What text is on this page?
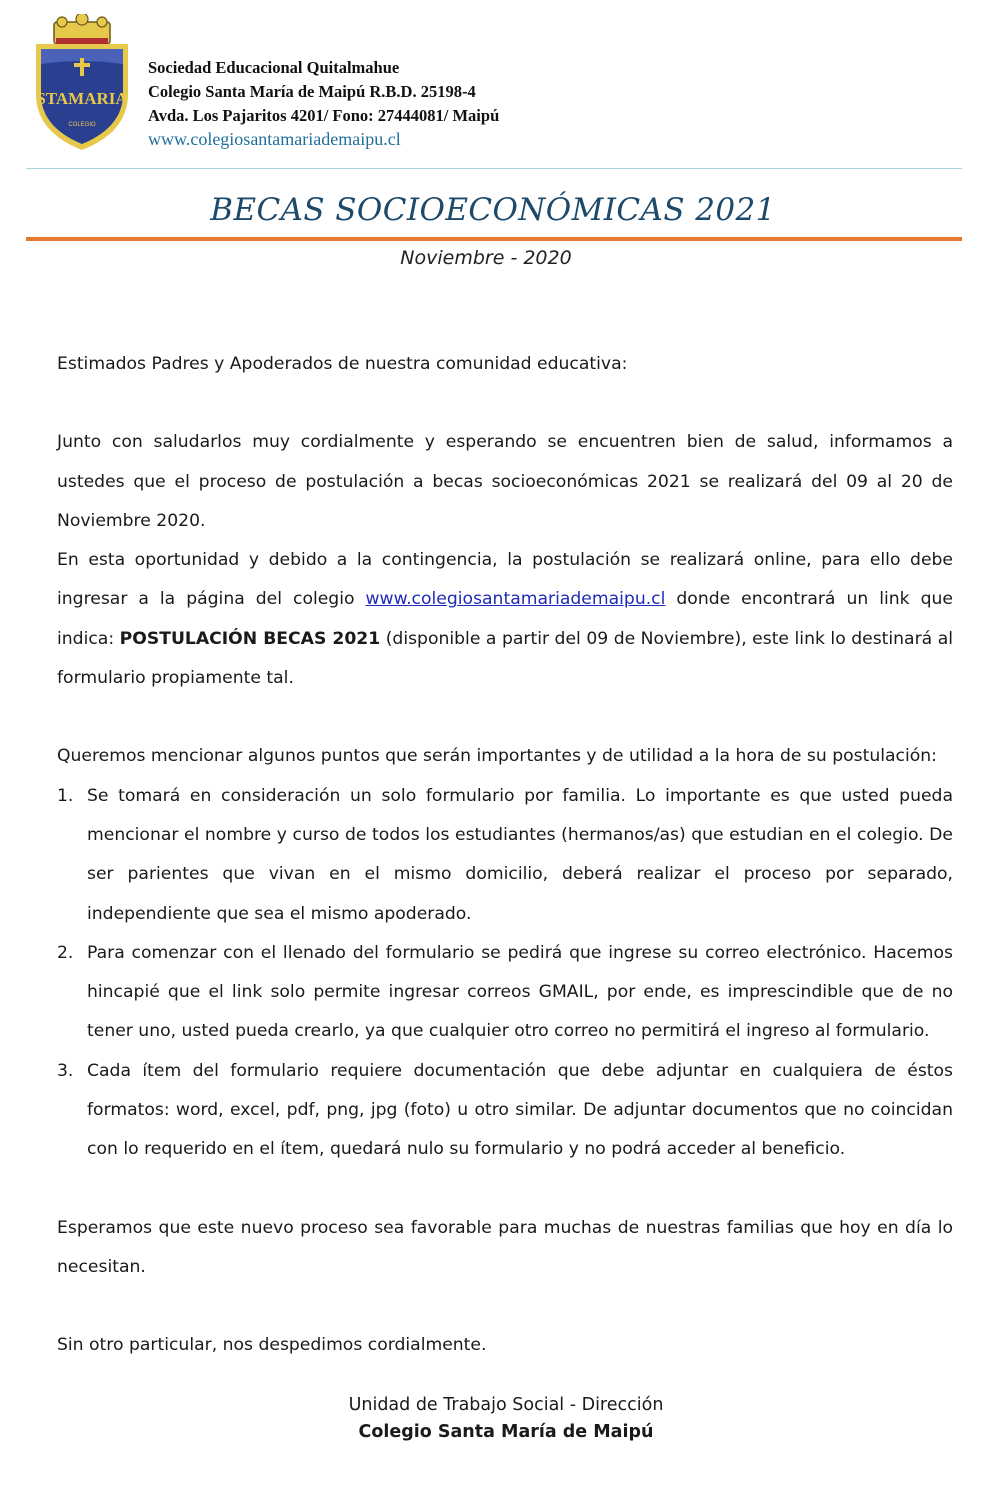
STAMARIA
COLEGIO
Sociedad Educacional Quitalmahue
Colegio Santa María de Maipú R.B.D. 25198-4
Avda. Los Pajaritos 4201/ Fono: 27444081/ Maipú
www.colegiosantamariademaipu.cl
BECAS SOCIOECONÓMICAS 2021
Noviembre - 2020

Estimados Padres y Apoderados de nuestra comunidad educativa:

Junto con saludarlos muy cordialmente y esperando se encuentren bien de salud, informamos a ustedes que el proceso de postulación a becas socioeconómicas 2021 se realizará del 09 al 20 de Noviembre 2020.

En esta oportunidad y debido a la contingencia, la postulación se realizará online, para ello debe ingresar a la página del colegio www.colegiosantamariademaipu.cl donde encontrará un link que indica: POSTULACIÓN BECAS 2021 (disponible a partir del 09 de Noviembre), este link lo destinará al formulario propiamente tal.

Queremos mencionar algunos puntos que serán importantes y de utilidad a la hora de su postulación:

1. Se tomará en consideración un solo formulario por familia. Lo importante es que usted pueda mencionar el nombre y curso de todos los estudiantes (hermanos/as) que estudian en el colegio. De ser parientes que vivan en el mismo domicilio, deberá realizar el proceso por separado, independiente que sea el mismo apoderado.
2. Para comenzar con el llenado del formulario se pedirá que ingrese su correo electrónico. Hacemos hincapié que el link solo permite ingresar correos GMAIL, por ende, es imprescindible que de no tener uno, usted pueda crearlo, ya que cualquier otro correo no permitirá el ingreso al formulario.
3. Cada ítem del formulario requiere documentación que debe adjuntar en cualquiera de éstos formatos: word, excel, pdf, png, jpg (foto) u otro similar. De adjuntar documentos que no coincidan con lo requerido en el ítem, quedará nulo su formulario y no podrá acceder al beneficio.

Esperamos que este nuevo proceso sea favorable para muchas de nuestras familias que hoy en día lo necesitan.

Sin otro particular, nos despedimos cordialmente.

Unidad de Trabajo Social - Dirección
Colegio Santa María de Maipú
